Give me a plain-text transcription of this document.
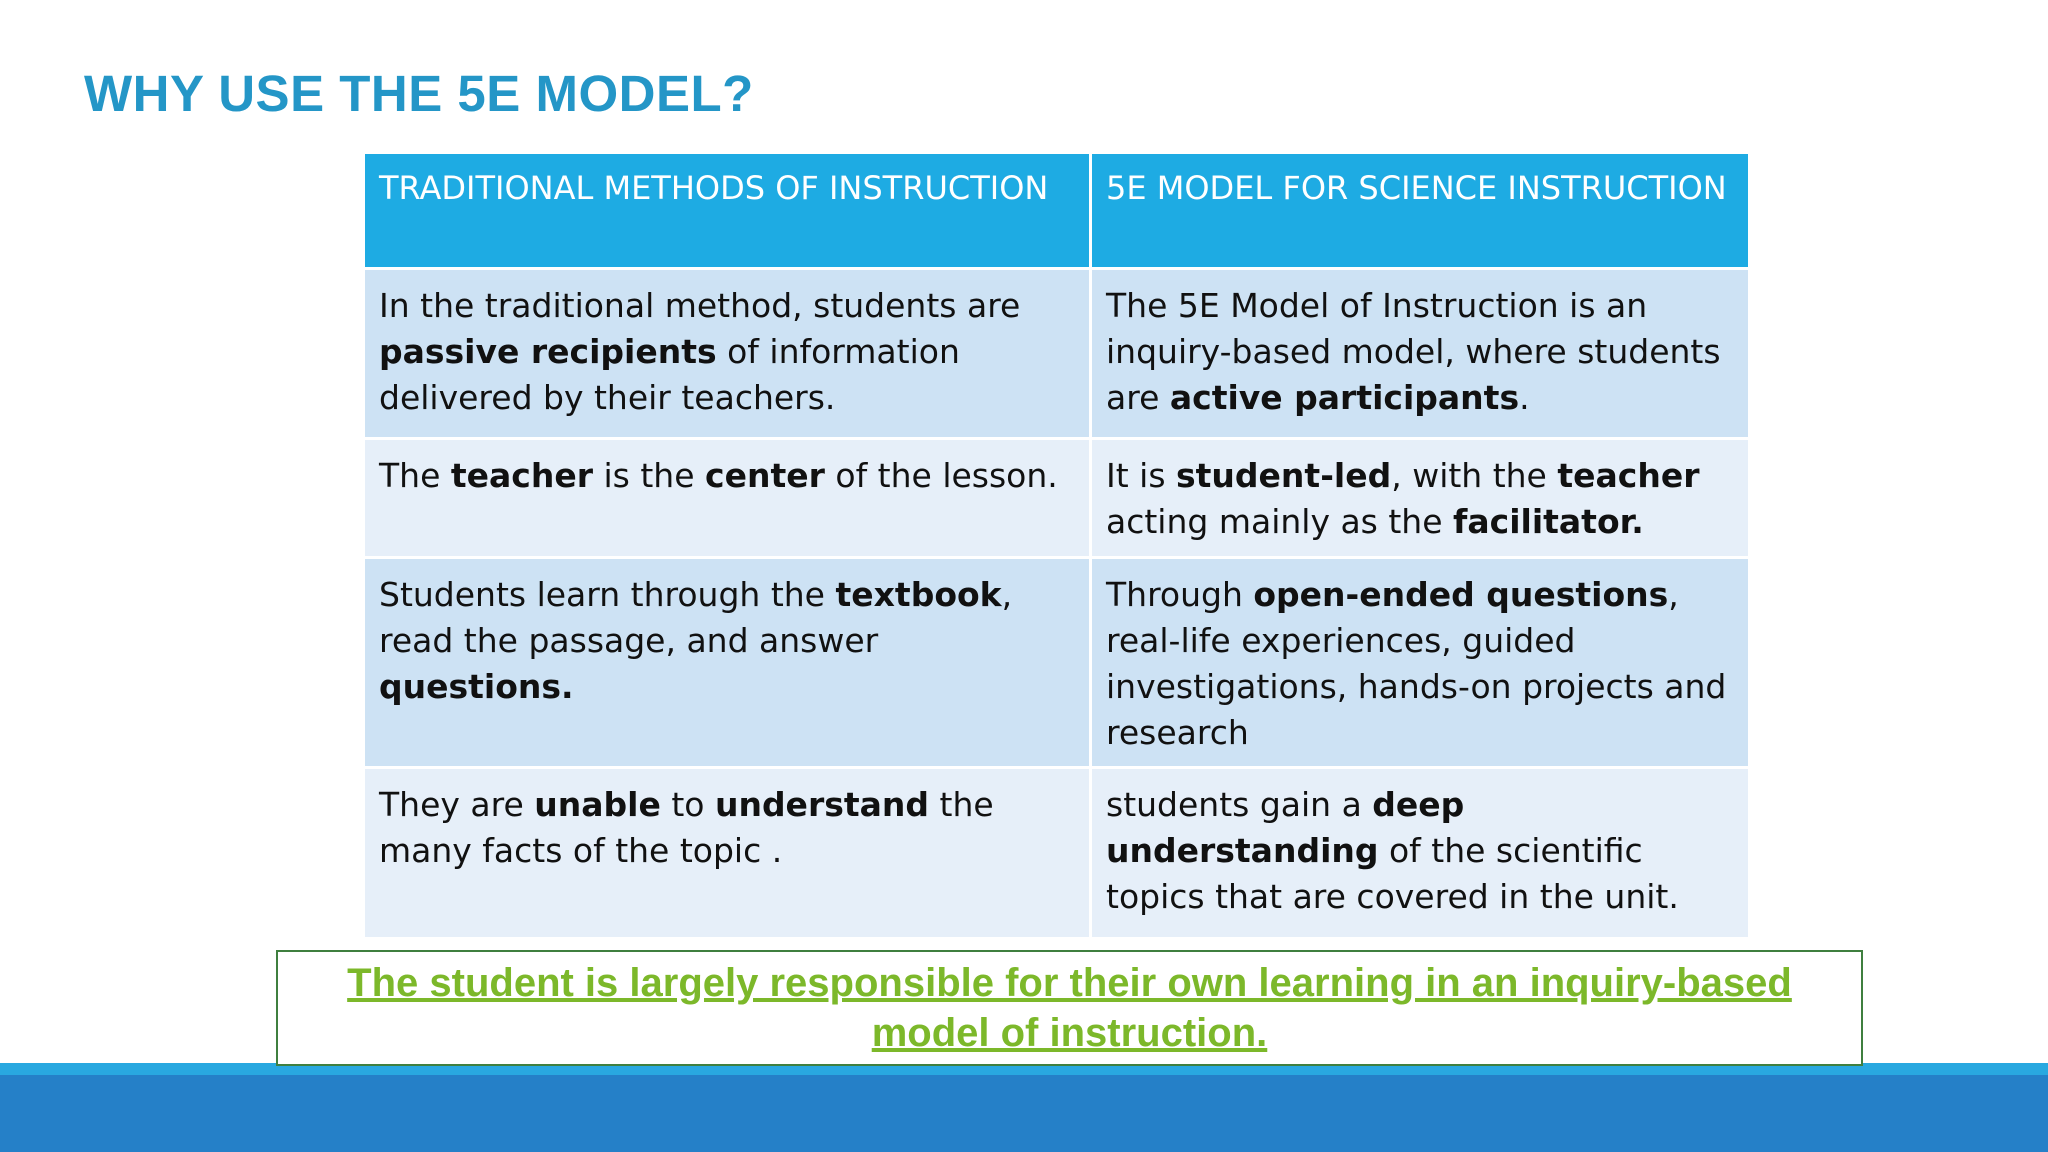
WHY USE THE 5E MODEL?
TRADITIONAL METHODS OF INSTRUCTION	5E MODEL FOR SCIENCE INSTRUCTION
In the traditional method, students are passive recipients of information delivered by their teachers.	The 5E Model of Instruction is an inquiry-based model, where students are active participants.
The teacher is the center of the lesson.	It is student-led, with the teacher acting mainly as the facilitator.
Students learn through the textbook, read the passage, and answer questions.	Through open-ended questions, real-life experiences, guided investigations, hands-on projects and research
They are unable to understand the many facts of the topic .	students gain a deep understanding of the scientific topics that are covered in the unit.
The student is largely responsible for their own learning in an inquiry-based model of instruction.
